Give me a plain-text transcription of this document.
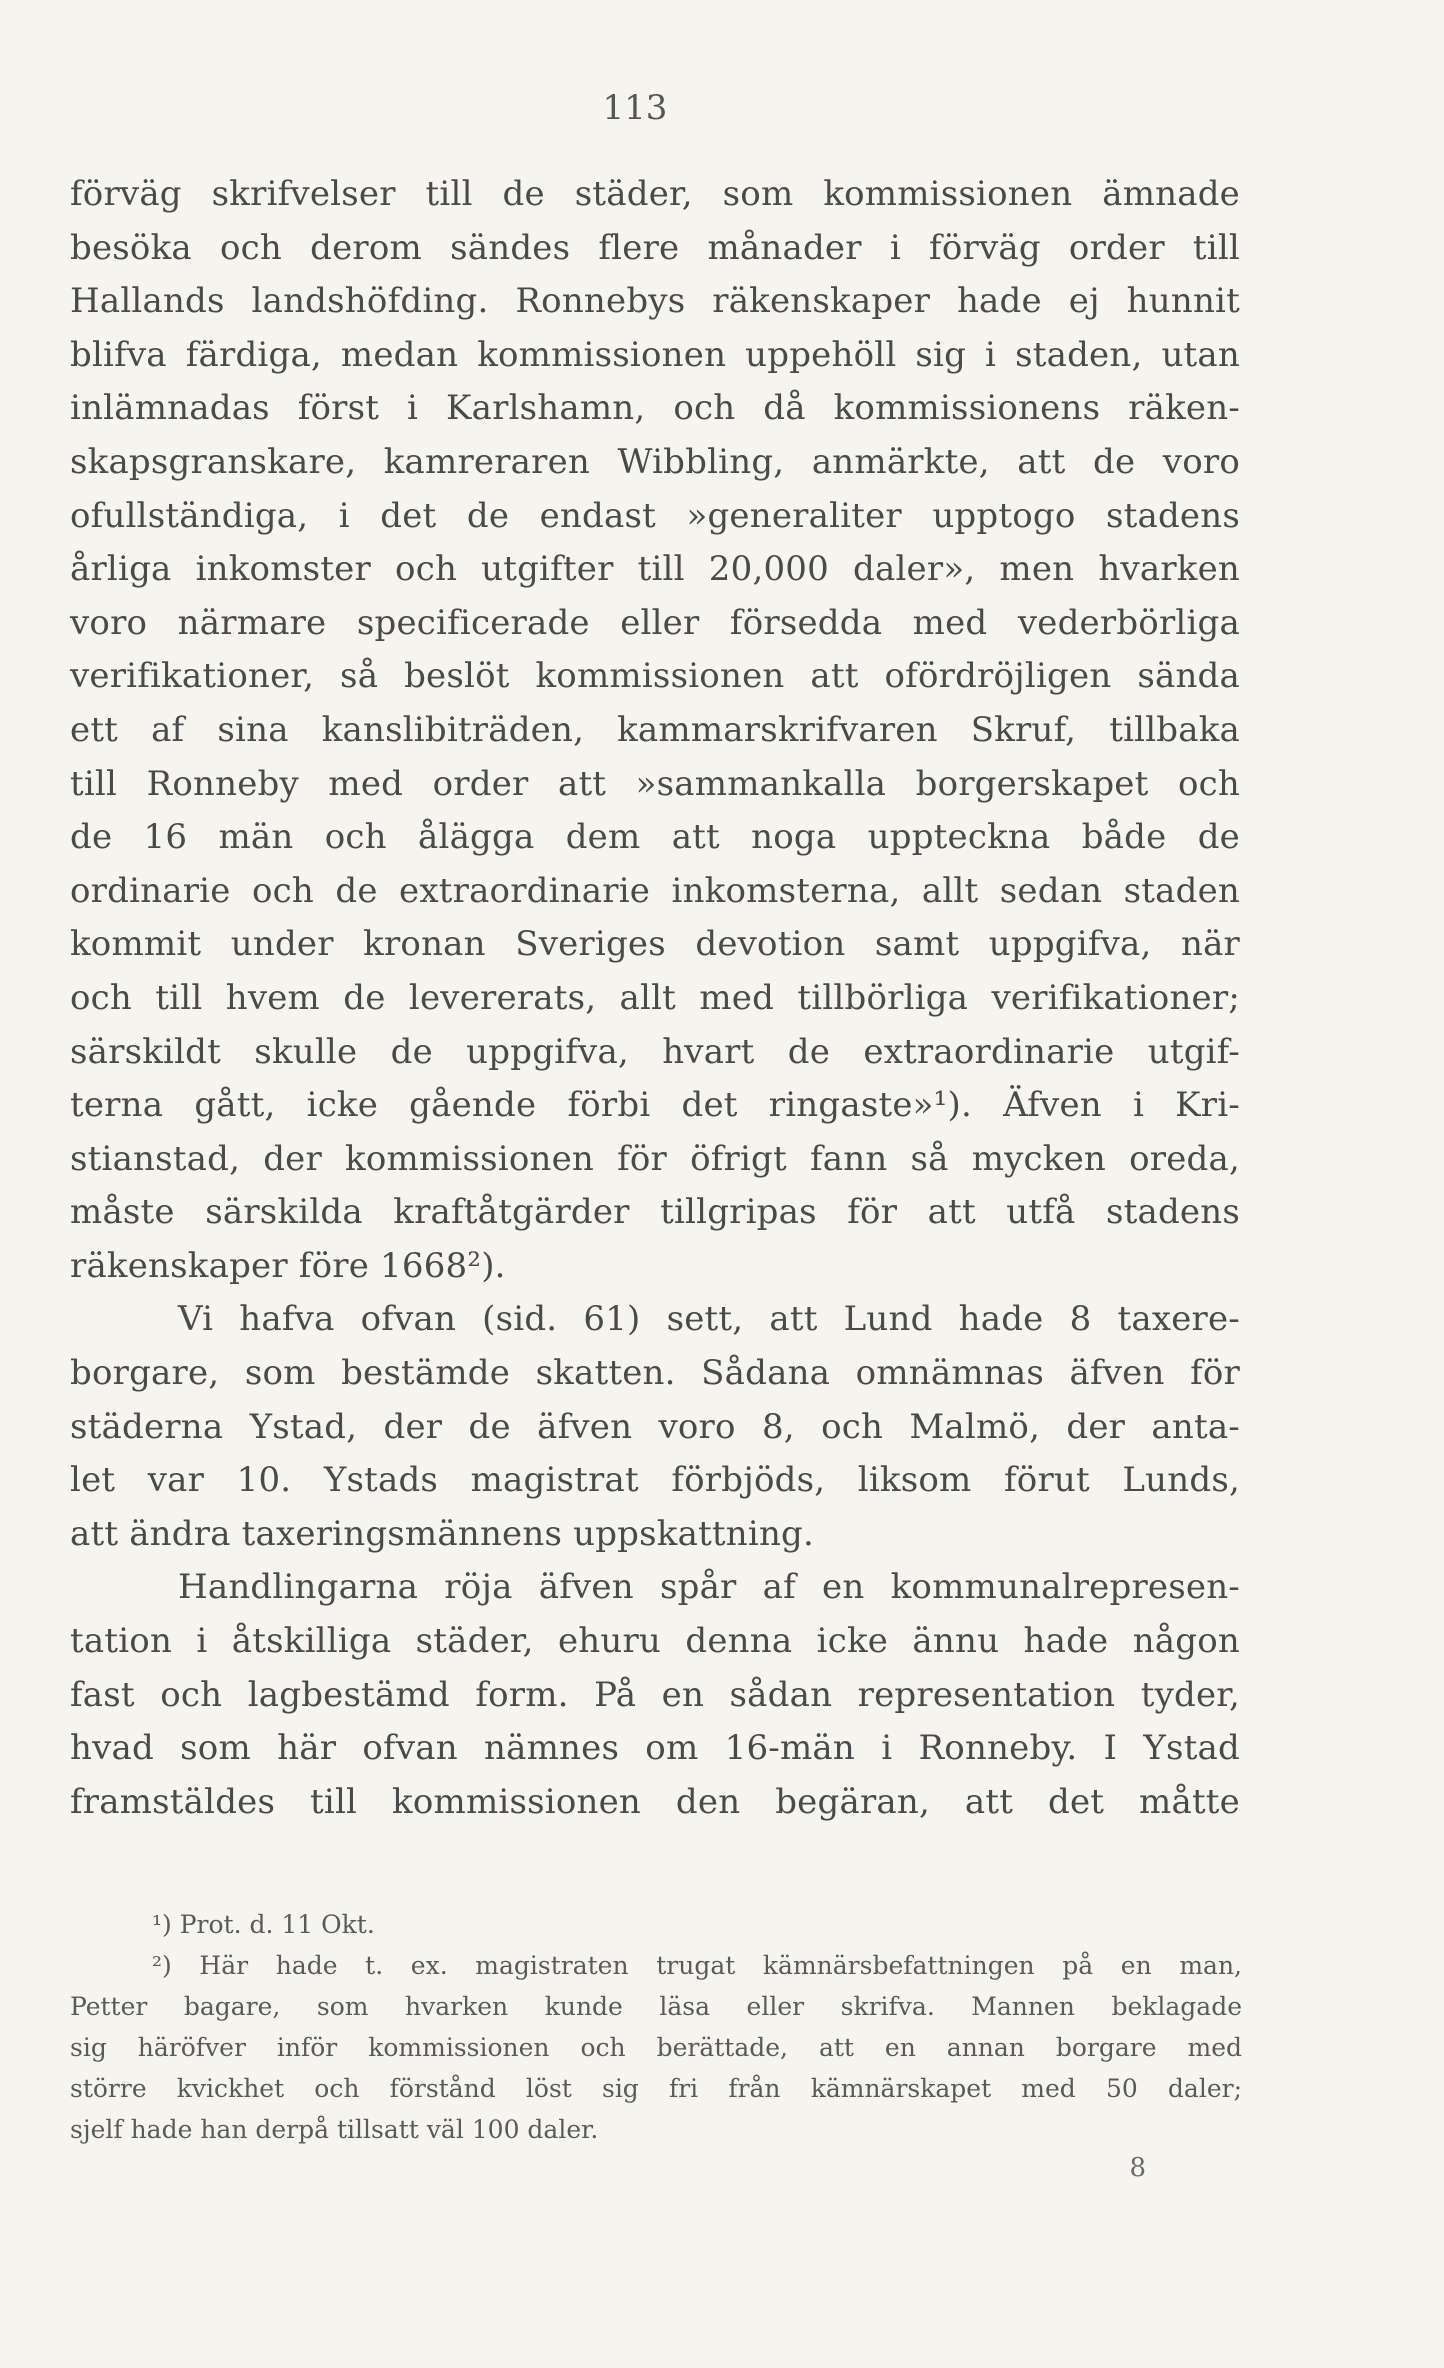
113
förväg skrifvelser till de städer, som kommissionen ämnade
besöka och derom sändes flere månader i förväg order till
Hallands landshöfding. Ronnebys räkenskaper hade ej hunnit
blifva färdiga, medan kommissionen uppehöll sig i staden, utan
inlämnadas först i Karlshamn, och då kommissionens räken-
skapsgranskare, kamreraren Wibbling, anmärkte, att de voro
ofullständiga, i det de endast »generaliter upptogo stadens
årliga inkomster och utgifter till 20,000 daler», men hvarken
voro närmare specificerade eller försedda med vederbörliga
verifikationer, så beslöt kommissionen att ofördröjligen sända
ett af sina kanslibiträden, kammarskrifvaren Skruf, tillbaka
till Ronneby med order att »sammankalla borgerskapet och
de 16 män och ålägga dem att noga uppteckna både de
ordinarie och de extraordinarie inkomsterna, allt sedan staden
kommit under kronan Sveriges devotion samt uppgifva, när
och till hvem de levererats, allt med tillbörliga verifikationer;
särskildt skulle de uppgifva, hvart de extraordinarie utgif-
terna gått, icke gående förbi det ringaste»¹). Äfven i Kri-
stianstad, der kommissionen för öfrigt fann så mycken oreda,
måste särskilda kraftåtgärder tillgripas för att utfå stadens
räkenskaper före 1668²).
Vi hafva ofvan (sid. 61) sett, att Lund hade 8 taxere-
borgare, som bestämde skatten. Sådana omnämnas äfven för
städerna Ystad, der de äfven voro 8, och Malmö, der anta-
let var 10. Ystads magistrat förbjöds, liksom förut Lunds,
att ändra taxeringsmännens uppskattning.
Handlingarna röja äfven spår af en kommunalrepresen-
tation i åtskilliga städer, ehuru denna icke ännu hade någon
fast och lagbestämd form. På en sådan representation tyder,
hvad som här ofvan nämnes om 16-män i Ronneby. I Ystad
framstäldes till kommissionen den begäran, att det måtte
¹) Prot. d. 11 Okt.
²) Här hade t. ex. magistraten trugat kämnärsbefattningen på en man,
Petter bagare, som hvarken kunde läsa eller skrifva. Mannen beklagade
sig häröfver inför kommissionen och berättade, att en annan borgare med
större kvickhet och förstånd löst sig fri från kämnärskapet med 50 daler;
sjelf hade han derpå tillsatt väl 100 daler.
8
